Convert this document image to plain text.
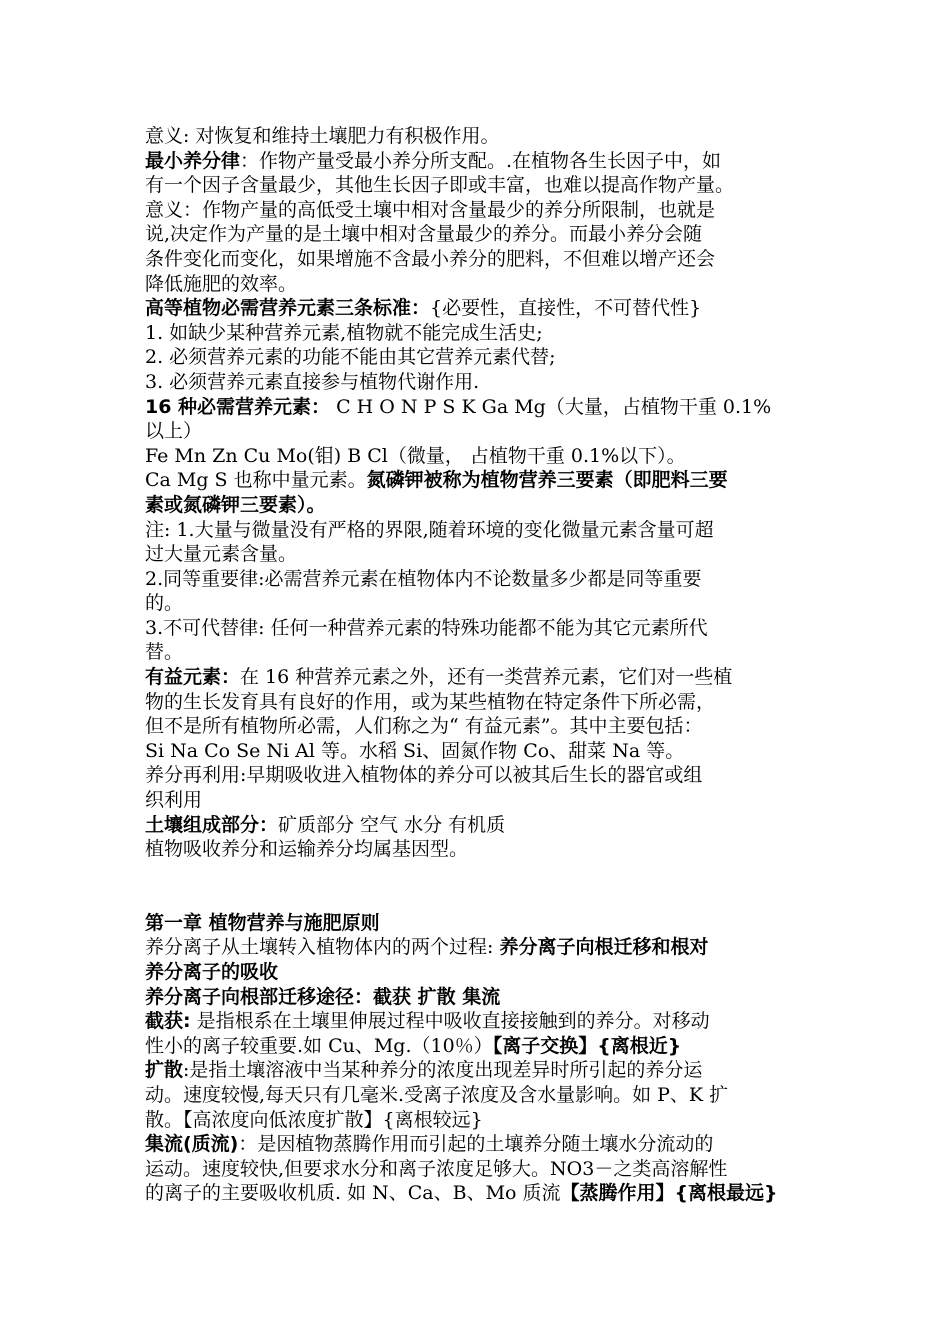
意义: 对恢复和维持土壤肥力有积极作用。

最小养分律：作物产量受最小养分所支配。.在植物各生长因子中，如

有一个因子含量最少，其他生长因子即或丰富，也难以提高作物产量。

意义：作物产量的高低受土壤中相对含量最少的养分所限制，也就是

说,决定作为产量的是土壤中相对含量最少的养分。而最小养分会随

条件变化而变化，如果增施不含最小养分的肥料，不但难以增产还会

降低施肥的效率。

高等植物必需营养元素三条标准：{必要性，直接性，不可替代性}

1. 如缺少某种营养元素,植物就不能完成生活史;

2. 必须营养元素的功能不能由其它营养元素代替;

3. 必须营养元素直接参与植物代谢作用.

16 种必需营养元素： C H O N P S K Ga Mg（大量，占植物干重 0.1%

以上）

Fe Mn Zn Cu Mo(钼) B Cl（微量， 占植物干重 0.1%以下）。

Ca Mg S 也称中量元素。氮磷钾被称为植物营养三要素（即肥料三要

素或氮磷钾三要素）。

注: 1.大量与微量没有严格的界限,随着环境的变化微量元素含量可超

过大量元素含量。

2.同等重要律:必需营养元素在植物体内不论数量多少都是同等重要

的。

3.不可代替律: 任何一种营养元素的特殊功能都不能为其它元素所代

替。

有益元素：在 16 种营养元素之外，还有一类营养元素，它们对一些植

物的生长发育具有良好的作用，或为某些植物在特定条件下所必需，

但不是所有植物所必需，人们称之为“ 有益元素”。其中主要包括：

Si Na Co Se Ni Al 等。水稻 Si、固氮作物 Co、甜菜 Na 等。

养分再利用:早期吸收进入植物体的养分可以被其后生长的器官或组

织利用

土壤组成部分：矿质部分 空气 水分 有机质

植物吸收养分和运输养分均属基因型。

第一章 植物营养与施肥原则

养分离子从土壤转入植物体内的两个过程: 养分离子向根迁移和根对

养分离子的吸收

养分离子向根部迁移途径：截获 扩散 集流

截获: 是指根系在土壤里伸展过程中吸收直接接触到的养分。对移动

性小的离子较重要.如 Cu、Mg.（10％）【离子交换】{离根近}

扩散:是指土壤溶液中当某种养分的浓度出现差异时所引起的养分运

动。速度较慢,每天只有几毫米.受离子浓度及含水量影响。如 P、K 扩

散。【高浓度向低浓度扩散】{离根较远}

集流(质流)：是因植物蒸腾作用而引起的土壤养分随土壤水分流动的

运动。速度较快,但要求水分和离子浓度足够大。NO3－之类高溶解性

的离子的主要吸收机质. 如 N、Ca、B、Mo 质流【蒸腾作用】{离根最远}
